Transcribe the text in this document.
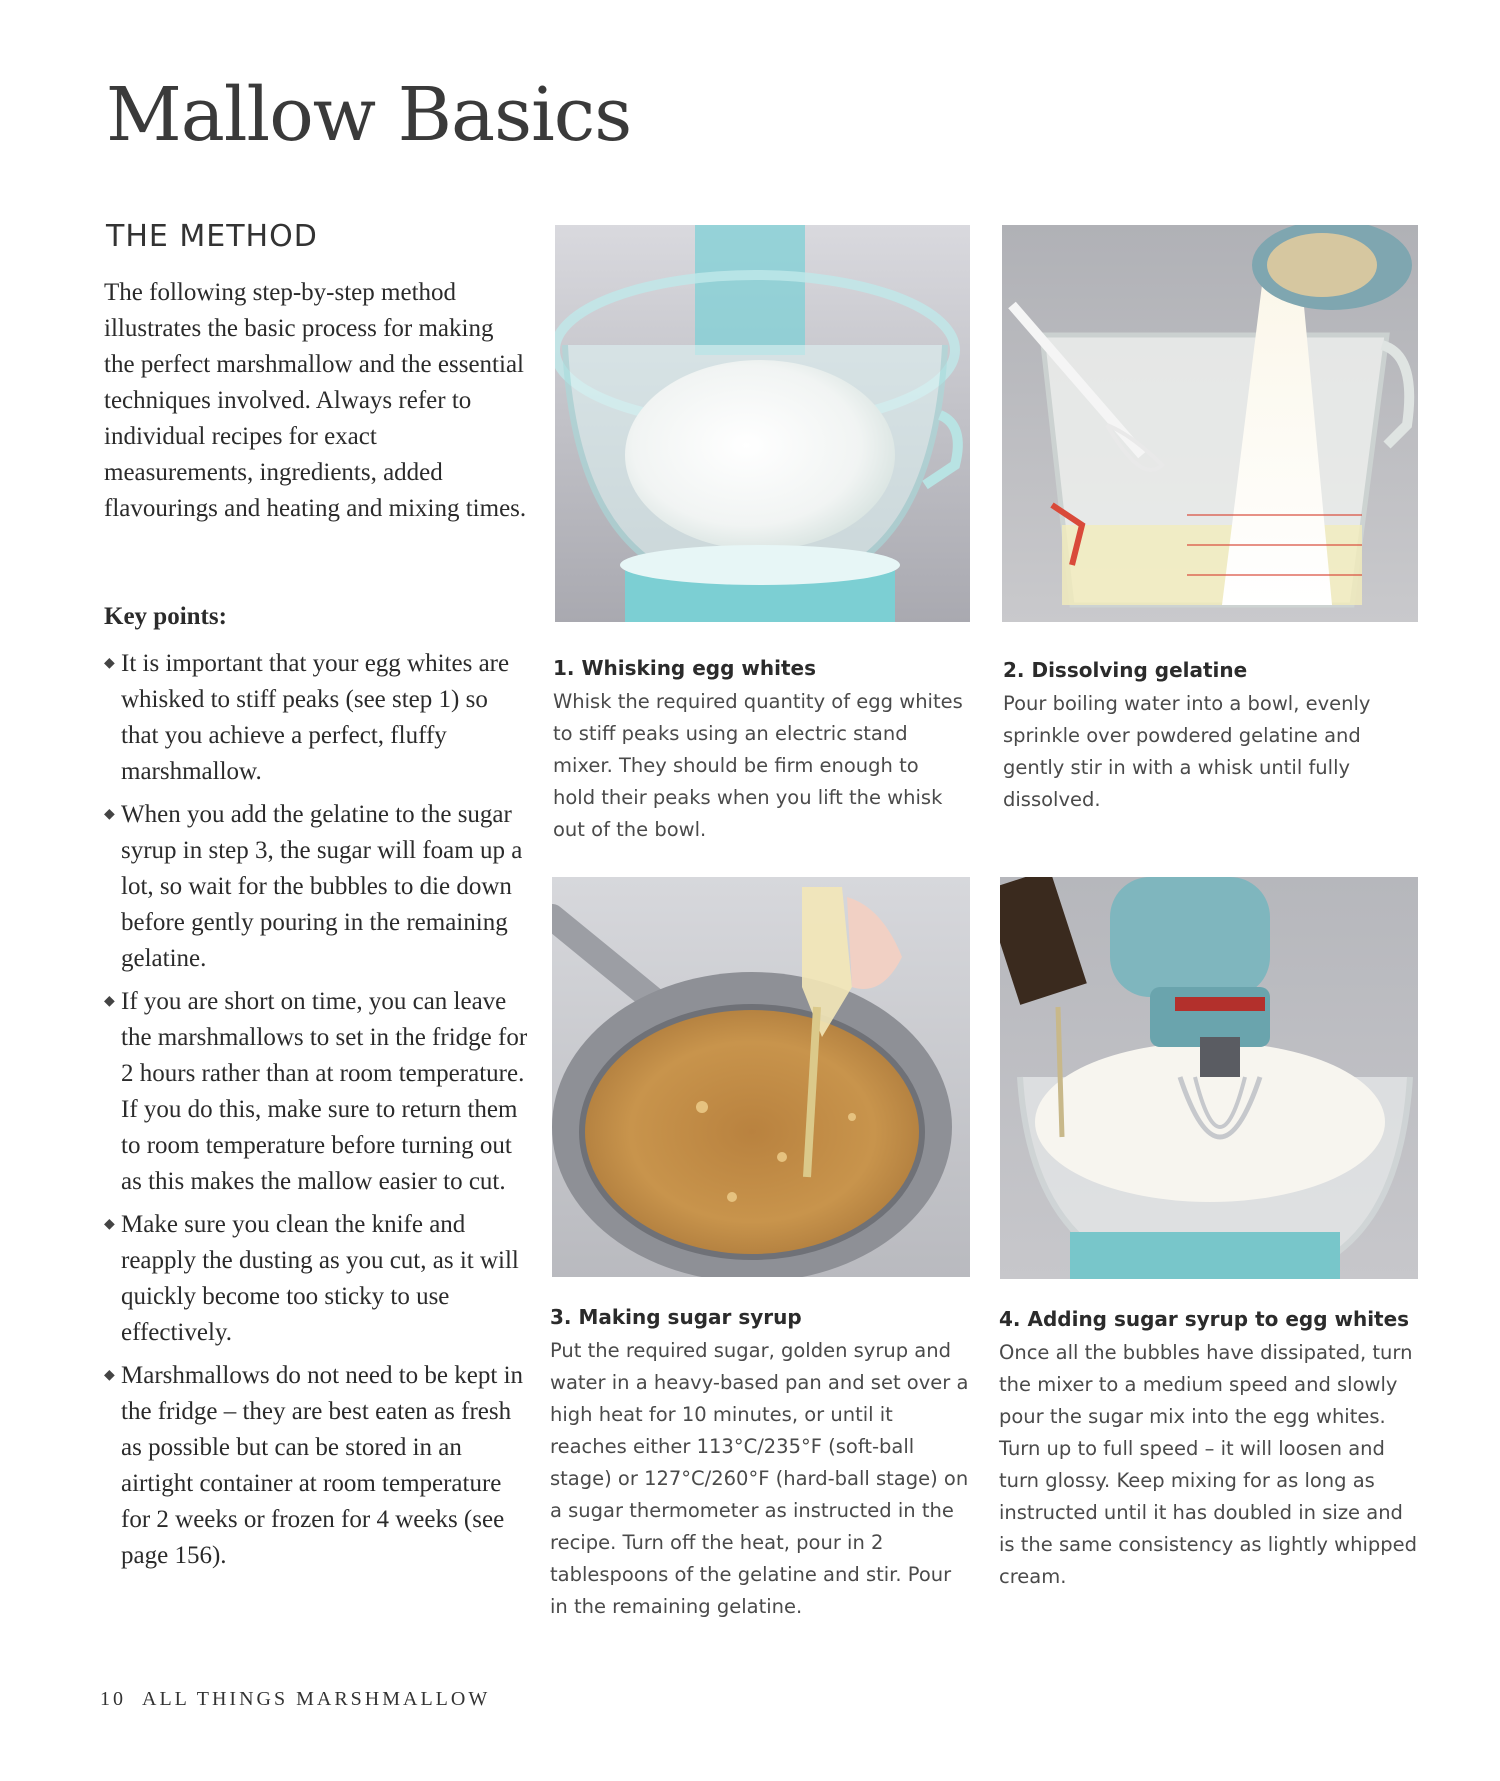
Mallow Basics
THE METHOD

The following step-by-step method illustrates the basic process for making the perfect marshmallow and the essential techniques involved. Always refer to individual recipes for exact measurements, ingredients, added flavourings and heating and mixing times.

Key points:
◆ It is important that your egg whites are whisked to stiff peaks (see step 1) so that you achieve a perfect, fluffy marshmallow.
◆ When you add the gelatine to the sugar syrup in step 3, the sugar will foam up a lot, so wait for the bubbles to die down before gently pouring in the remaining gelatine.
◆ If you are short on time, you can leave the marshmallows to set in the fridge for 2 hours rather than at room temperature. If you do this, make sure to return them to room temperature before turning out as this makes the mallow easier to cut.
◆ Make sure you clean the knife and reapply the dusting as you cut, as it will quickly become too sticky to use effectively.
◆ Marshmallows do not need to be kept in the fridge – they are best eaten as fresh as possible but can be stored in an airtight container at room temperature for 2 weeks or frozen for 4 weeks (see page 156).
1. Whisking egg whites

Whisk the required quantity of egg whites to stiff peaks using an electric stand mixer. They should be firm enough to hold their peaks when you lift the whisk out of the bowl.

2. Dissolving gelatine

Pour boiling water into a bowl, evenly sprinkle over powdered gelatine and gently stir in with a whisk until fully dissolved.

3. Making sugar syrup

Put the required sugar, golden syrup and water in a heavy-based pan and set over a high heat for 10 minutes, or until it reaches either 113°C/235°F (soft-ball stage) or 127°C/260°F (hard-ball stage) on a sugar thermometer as instructed in the recipe. Turn off the heat, pour in 2 tablespoons of the gelatine and stir. Pour in the remaining gelatine.

4. Adding sugar syrup to egg whites

Once all the bubbles have dissipated, turn the mixer to a medium speed and slowly pour the sugar mix into the egg whites. Turn up to full speed – it will loosen and turn glossy. Keep mixing for as long as instructed until it has doubled in size and is the same consistency as lightly whipped cream.

10 ALL THINGS MARSHMALLOW
